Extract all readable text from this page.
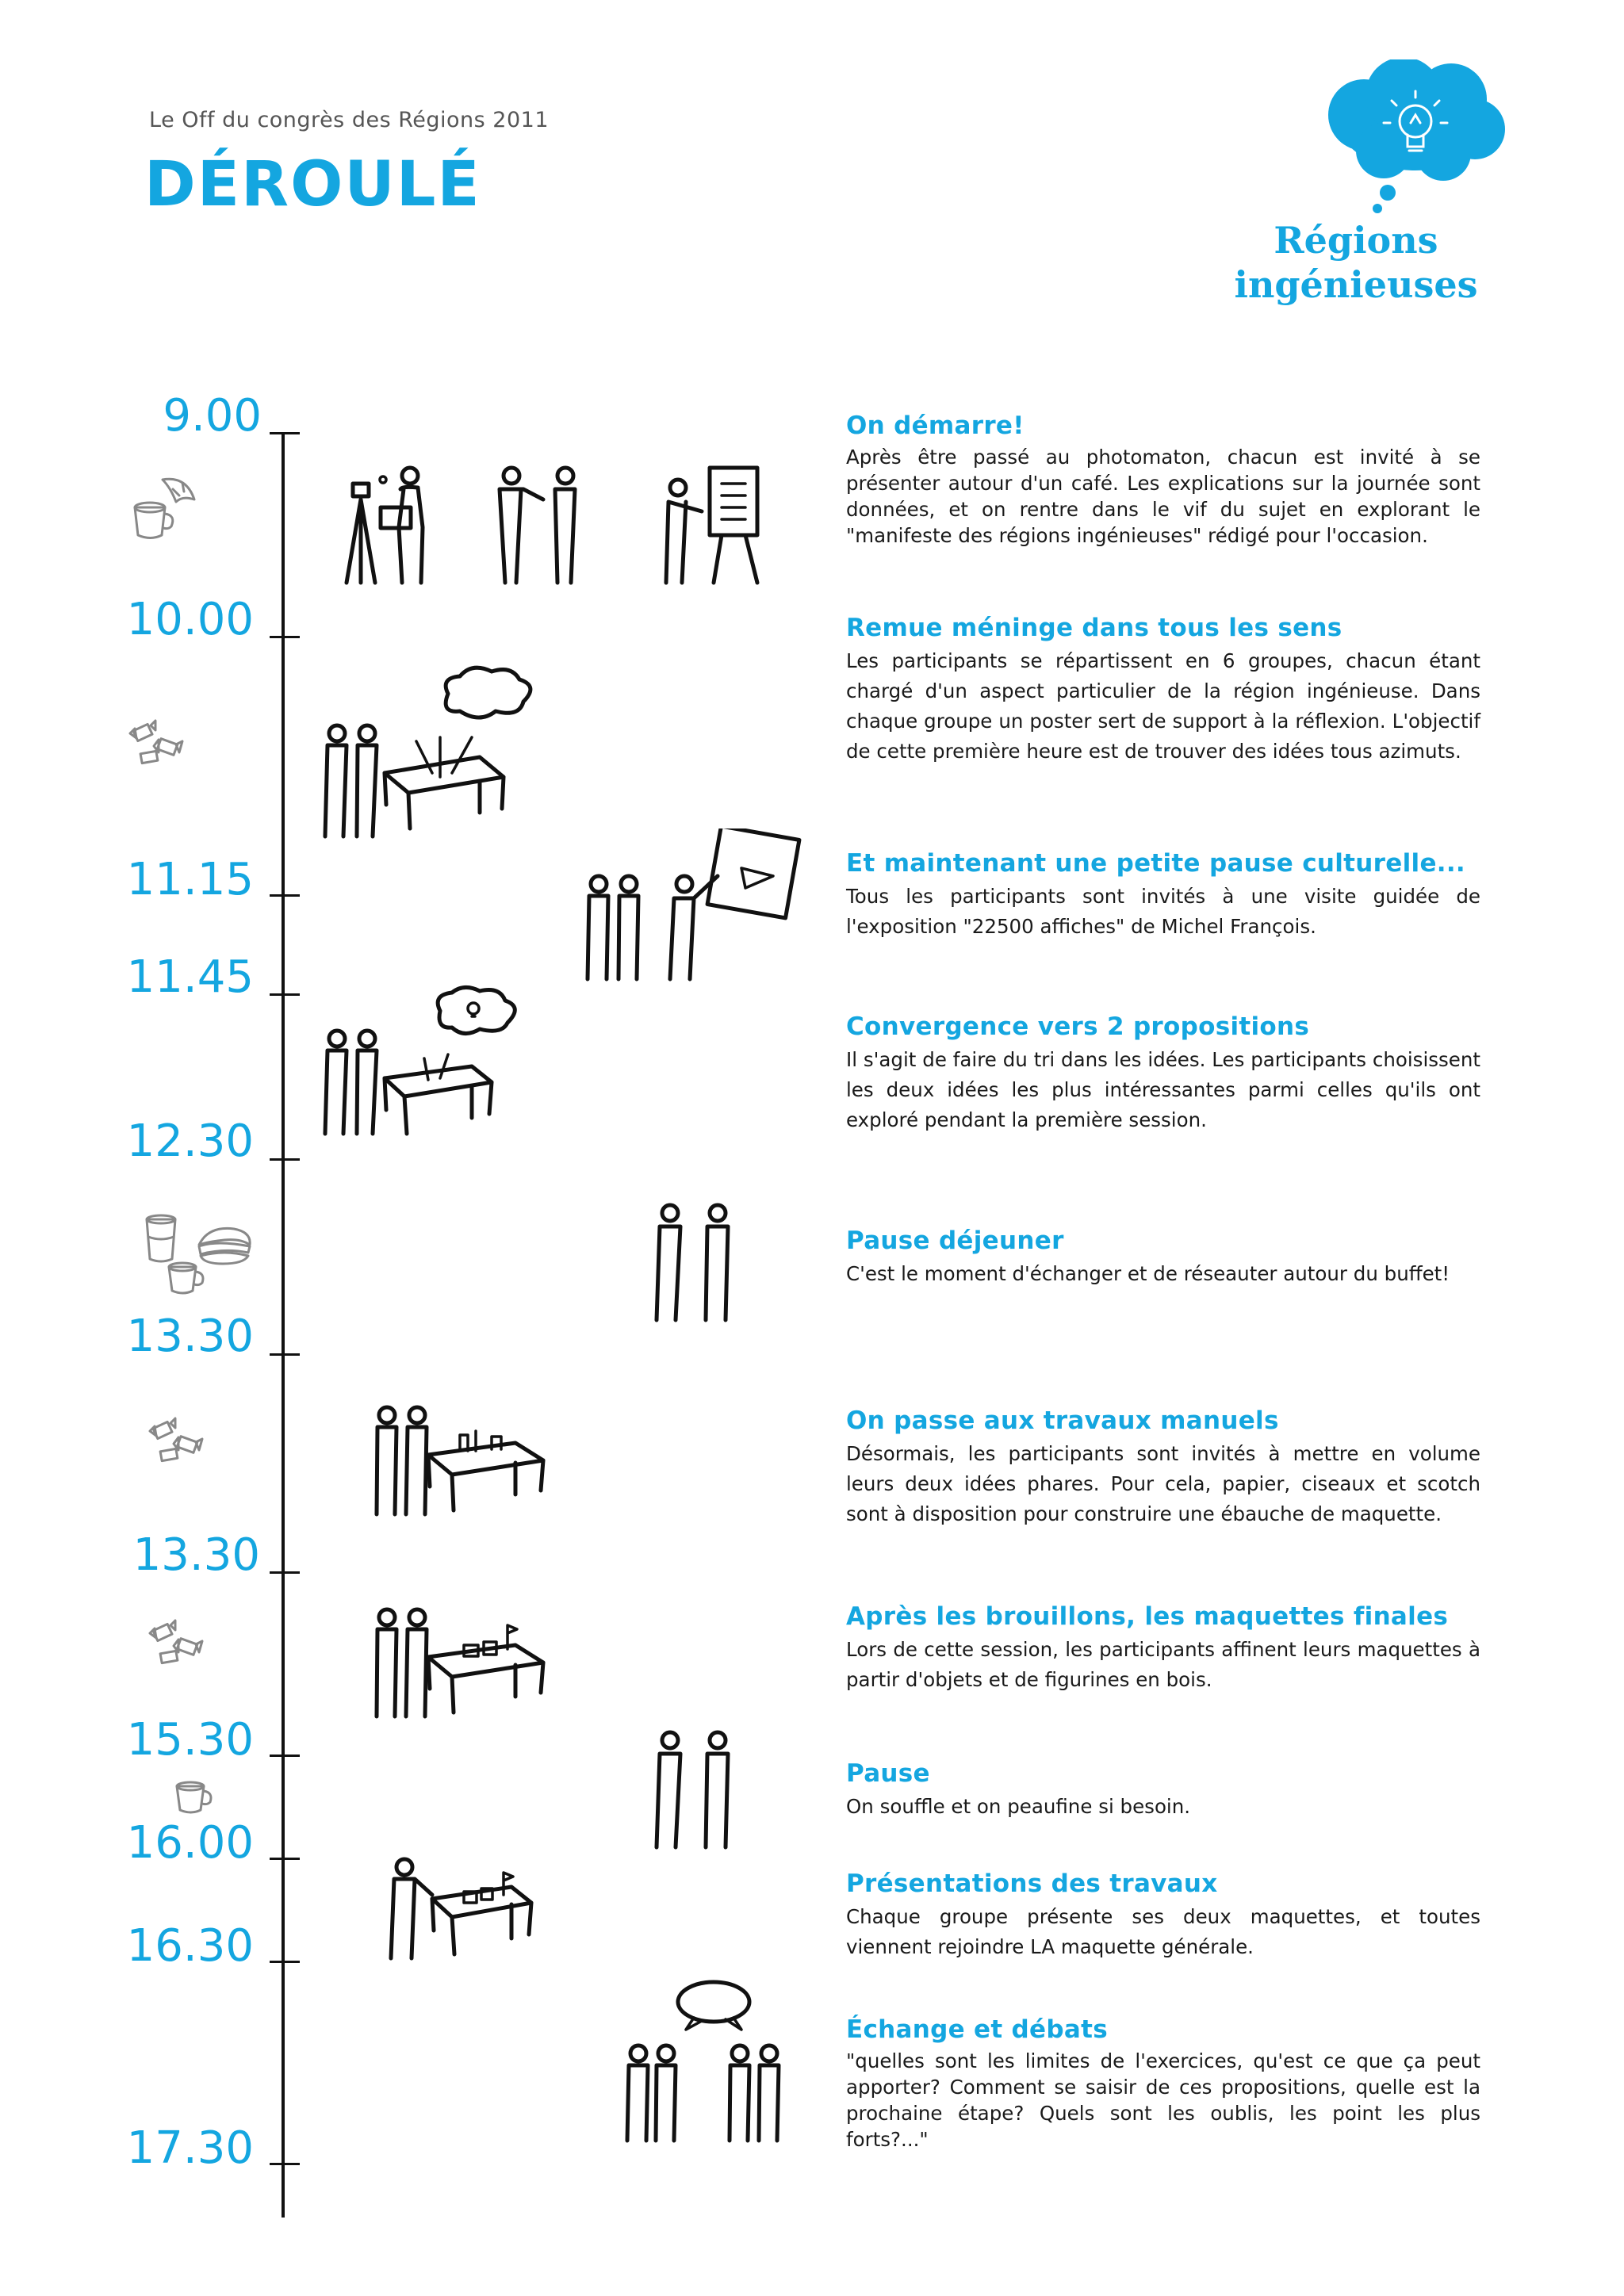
Le Off du congrès des Régions 2011
DÉROULÉ
Régions
ingénieuses
9.00
10.00
11.15
11.45
12.30
13.30
13.30
15.30
16.00
16.30
17.30
On démarre!

Après être passé au photomaton, chacun est invité à se présenter autour d'un café. Les explications sur la journée sont données, et on rentre dans le vif du sujet en explorant le "manifeste des régions ingénieuses" rédigé pour l'occasion.

Remue méninge dans tous les sens

Les participants se répartissent en 6 groupes, chacun étant chargé d'un aspect particulier de la région ingénieuse. Dans chaque groupe un poster sert de support à la réflexion. L'objectif de cette première heure est de trouver des idées tous azimuts.

Et maintenant une petite pause culturelle...

Tous les participants sont invités à une visite guidée de l'exposition "22500 affiches" de Michel François.

Convergence vers 2 propositions

Il s'agit de faire du tri dans les idées. Les participants choisissent les deux idées les plus intéressantes parmi celles qu'ils ont exploré pendant la première session.

Pause déjeuner

C'est le moment d'échanger et de réseauter autour du buffet!

On passe aux travaux manuels

Désormais, les participants sont invités à mettre en volume leurs deux idées phares. Pour cela, papier, ciseaux et scotch sont à disposition pour construire une ébauche de maquette.

Après les brouillons, les maquettes finales

Lors de cette session, les participants affinent leurs maquettes à partir d'objets et de figurines en bois.

Pause

On souffle et on peaufine si besoin.

Présentations des travaux

Chaque groupe présente ses deux maquettes, et toutes viennent rejoindre LA maquette générale.

Échange et débats

"quelles sont les limites de l'exercices, qu'est ce que ça peut apporter? Comment se saisir de ces propositions, quelle est la prochaine étape? Quels sont les oublis, les point les plus forts?..."
